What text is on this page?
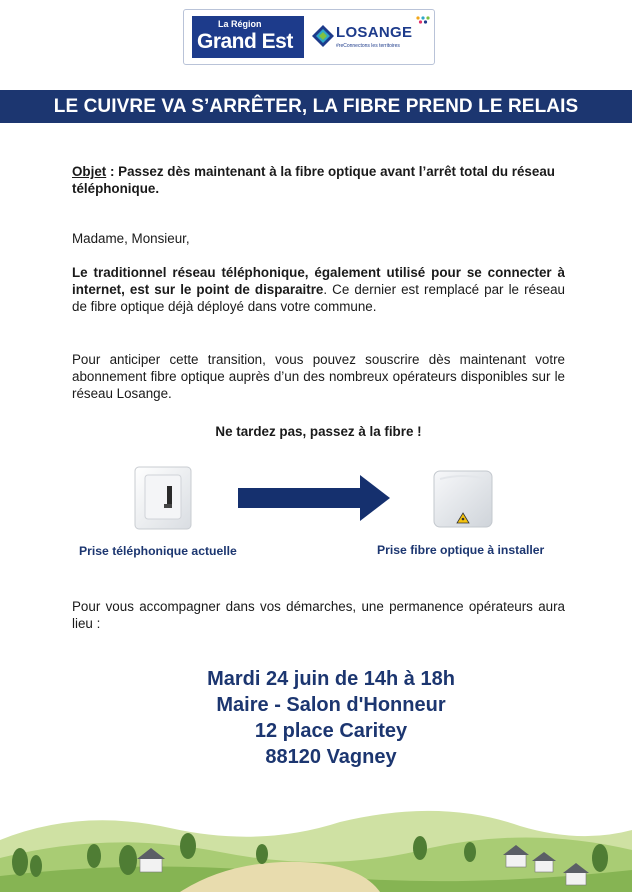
La Région
Grand Est	LOSANGE
#reConnectons les territoires
LE CUIVRE VA S’ARRÊTER, LA FIBRE PREND LE RELAIS
Objet : Passez dès maintenant à la fibre optique avant l’arrêt total du réseau téléphonique.
Madame, Monsieur,
Le traditionnel réseau téléphonique, également utilisé pour se connecter à internet, est sur le point de disparaitre. Ce dernier est remplacé par le réseau de fibre optique déjà déployé dans votre commune.
Pour anticiper cette transition, vous pouvez souscrire dès maintenant votre abonnement fibre optique auprès d’un des nombreux opérateurs disponibles sur le réseau Losange.
Ne tardez pas, passez à la fibre !
Prise téléphonique actuelle	Prise fibre optique à installer
Pour vous accompagner dans vos démarches, une permanence opérateurs aura lieu :
Mardi 24 juin de 14h à 18h
Maire - Salon d'Honneur
12 place Caritey
88120 Vagney
